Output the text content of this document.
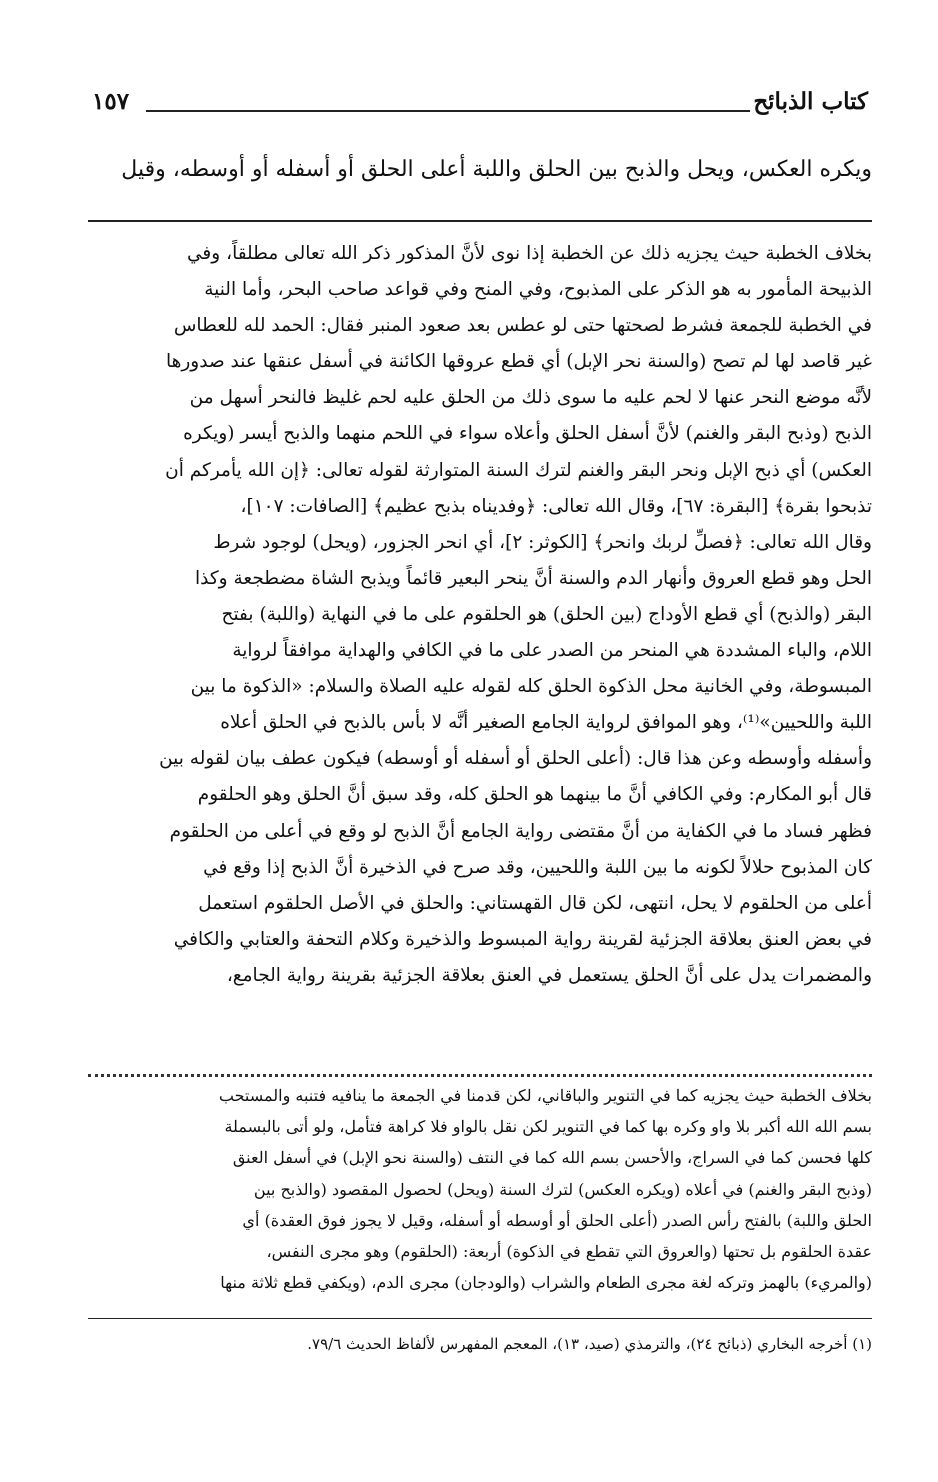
كتاب الذبائح
١٥٧
ويكره العكس، ويحل والذبح بين الحلق واللبة أعلى الحلق أو أسفله أو أوسطه، وقيل
بخلاف الخطبة حيث يجزيه ذلك عن الخطبة إذا نوى لأنَّ المذكور ذكر الله تعالى مطلقاً، وفي
الذبيحة المأمور به هو الذكر على المذبوح، وفي المنح وفي قواعد صاحب البحر، وأما النية
في الخطبة للجمعة فشرط لصحتها حتى لو عطس بعد صعود المنبر فقال: الحمد لله للعطاس
غير قاصد لها لم تصح (والسنة نحر الإبل) أي قطع عروقها الكائنة في أسفل عنقها عند صدورها
لأنَّه موضع النحر عنها لا لحم عليه ما سوى ذلك من الحلق عليه لحم غليظ فالنحر أسهل من
الذبح (وذبح البقر والغنم) لأنَّ أسفل الحلق وأعلاه سواء في اللحم منهما والذبح أيسر (ويكره
العكس) أي ذبح الإبل ونحر البقر والغنم لترك السنة المتوارثة لقوله تعالى: ﴿إن الله يأمركم أن
تذبحوا بقرة﴾ [البقرة: ٦٧]، وقال الله تعالى: ﴿وفديناه بذبح عظيم﴾ [الصافات: ١٠٧]،
وقال الله تعالى: ﴿فصلِّ لربك وانحر﴾ [الكوثر: ٢]، أي انحر الجزور، (ويحل) لوجود شرط
الحل وهو قطع العروق وأنهار الدم والسنة أنَّ ينحر البعير قائماً ويذبح الشاة مضطجعة وكذا
البقر (والذبح) أي قطع الأوداج (بين الحلق) هو الحلقوم على ما في النهاية (واللبة) بفتح
اللام، والباء المشددة هي المنحر من الصدر على ما في الكافي والهداية موافقاً لرواية
المبسوطة، وفي الخانية محل الذكوة الحلق كله لقوله عليه الصلاة والسلام: «الذكوة ما بين
اللبة واللحيين»⁽¹⁾، وهو الموافق لرواية الجامع الصغير أنَّه لا بأس بالذبح في الحلق أعلاه
وأسفله وأوسطه وعن هذا قال: (أعلى الحلق أو أسفله أو أوسطه) فيكون عطف بيان لقوله بين
قال أبو المكارم: وفي الكافي أنَّ ما بينهما هو الحلق كله، وقد سبق أنَّ الحلق وهو الحلقوم
فظهر فساد ما في الكفاية من أنَّ مقتضى رواية الجامع أنَّ الذبح لو وقع في أعلى من الحلقوم
كان المذبوح حلالاً لكونه ما بين اللبة واللحيين، وقد صرح في الذخيرة أنَّ الذبح إذا وقع في
أعلى من الحلقوم لا يحل، انتهى، لكن قال القهستاني: والحلق في الأصل الحلقوم استعمل
في بعض العنق بعلاقة الجزئية لقرينة رواية المبسوط والذخيرة وكلام التحفة والعتابي والكافي
والمضمرات يدل على أنَّ الحلق يستعمل في العنق بعلاقة الجزئية بقرينة رواية الجامع،
بخلاف الخطبة حيث يجزيه كما في التنوير والباقاني، لكن قدمنا في الجمعة ما ينافيه فتنبه والمستحب
بسم الله الله أكبر بلا واو وكره بها كما في التنوير لكن نقل بالواو فلا كراهة فتأمل، ولو أتى بالبسملة
كلها فحسن كما في السراج، والأحسن بسم الله كما في النتف (والسنة نحو الإبل) في أسفل العنق
(وذبح البقر والغنم) في أعلاه (ويكره العكس) لترك السنة (ويحل) لحصول المقصود (والذبح بين
الحلق واللبة) بالفتح رأس الصدر (أعلى الحلق أو أوسطه أو أسفله، وقيل لا يجوز فوق العقدة) أي
عقدة الحلقوم بل تحتها (والعروق التي تقطع في الذكوة) أربعة: (الحلقوم) وهو مجرى النفس،
(والمريء) بالهمز وتركه لغة مجرى الطعام والشراب (والودجان) مجرى الدم، (ويكفي قطع ثلاثة منها
(١) أخرجه البخاري (ذبائح ٢٤)، والترمذي (صيد، ١٣)، المعجم المفهرس لألفاظ الحديث ٧٩/٦.
